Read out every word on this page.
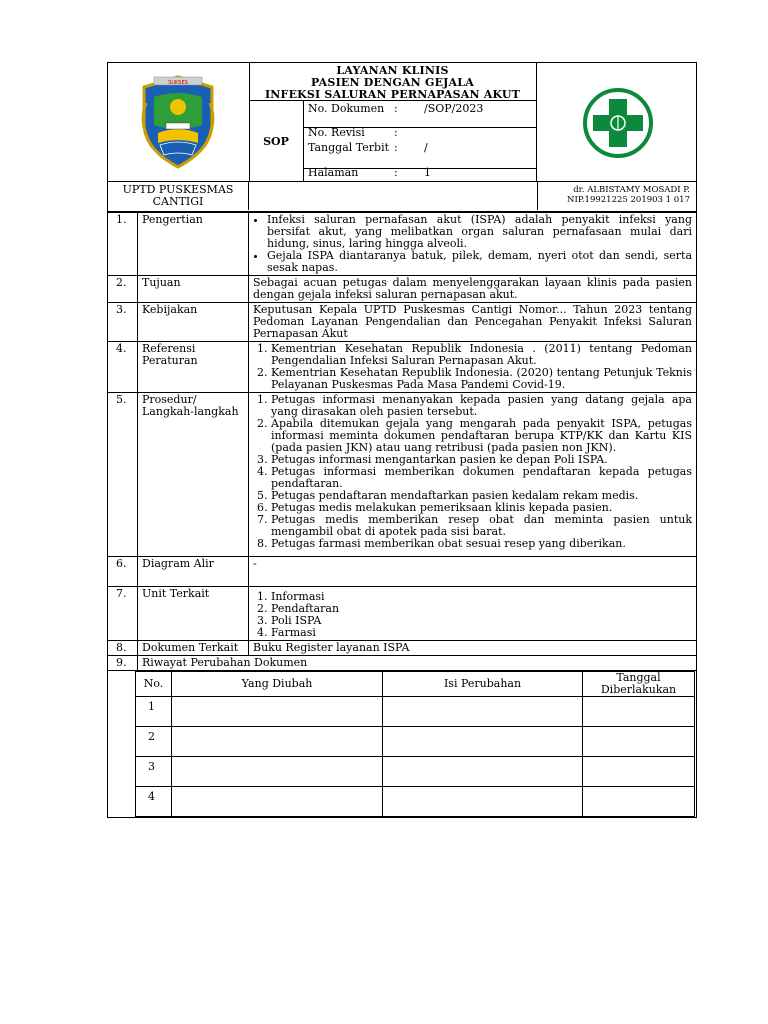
SUKSES
LAYANAN KLINIS
PASIEN DENGAN GEJALA
INFEKSI SALURAN PERNAPASAN AKUT
SOP
No. Dokumen : /SOP/2023
No. Revisi	:
Tanggal Terbit : /
Halaman	: 1
UPTD PUSKESMAS
CANTIGI
dr. ALBISTAMY MOSADI P.
NIP.19921225 201903 1 017
1.	Pengertian	
•Infeksi saluran pernafasan akut (ISPA) adalah penyakit infeksi yang bersifat akut, yang melibatkan organ saluran pernafasaan mulai dari hidung, sinus, laring hingga alveoli.
• Gejala ISPA diantaranya batuk, pilek, demam, nyeri otot dan sendi, serta sesak napas.

2.	Tujuan	Sebagai acuan petugas dalam menyelenggarakan layaan klinis pada pasien dengan gejala infeksi saluran pernapasan akut.
3.	Kebijakan	Keputusan Kepala UPTD Puskesmas Cantigi Nomor... Tahun 2023 tentang Pedoman Layanan Pengendalian dan Pencegahan Penyakit Infeksi Saluran Pernapasan Akut
4.	Referensi Peraturan	
1. Kementrian Kesehatan Republik Indonesia . (2011) tentang Pedoman Pengendalian Infeksi Saluran Pernapasan Akut.
2. Kementrian Kesehatan Republik Indonesia. (2020) tentang Petunjuk Teknis Pelayanan Puskesmas Pada Masa Pandemi Covid-19.

5.	Prosedur/ Langkah-langkah	
1. Petugas informasi menanyakan kepada pasien yang datang gejala apa yang dirasakan oleh pasien tersebut.
2. Apabila ditemukan gejala yang mengarah pada penyakit ISPA, petugas informasi meminta dokumen pendaftaran berupa KTP/KK dan Kartu KIS (pada pasien JKN) atau uang retribusi (pada pasien non JKN).
3. Petugas informasi mengantarkan pasien ke depan Poli ISPA.
4. Petugas informasi memberikan dokumen pendaftaran kepada petugas pendaftaran.
5. Petugas pendaftaran mendaftarkan pasien kedalam rekam medis.
6. Petugas medis melakukan pemeriksaan klinis kepada pasien.
7. Petugas medis memberikan resep obat dan meminta pasien untuk mengambil obat di apotek pada sisi barat.
8. Petugas farmasi memberikan obat sesuai resep yang diberikan.

6.	Diagram Alir	-
7.	Unit Terkait	
1.Informasi
2. Pendaftaran
3. Poli ISPA
4. Farmasi

8.	Dokumen Terkait	Buku Register layanan ISPA
9.	Riwayat Perubahan Dokumen

No.	Yang Diubah	Isi Perubahan	Tanggal Diberlakukan
1			
2			
3			
4			
